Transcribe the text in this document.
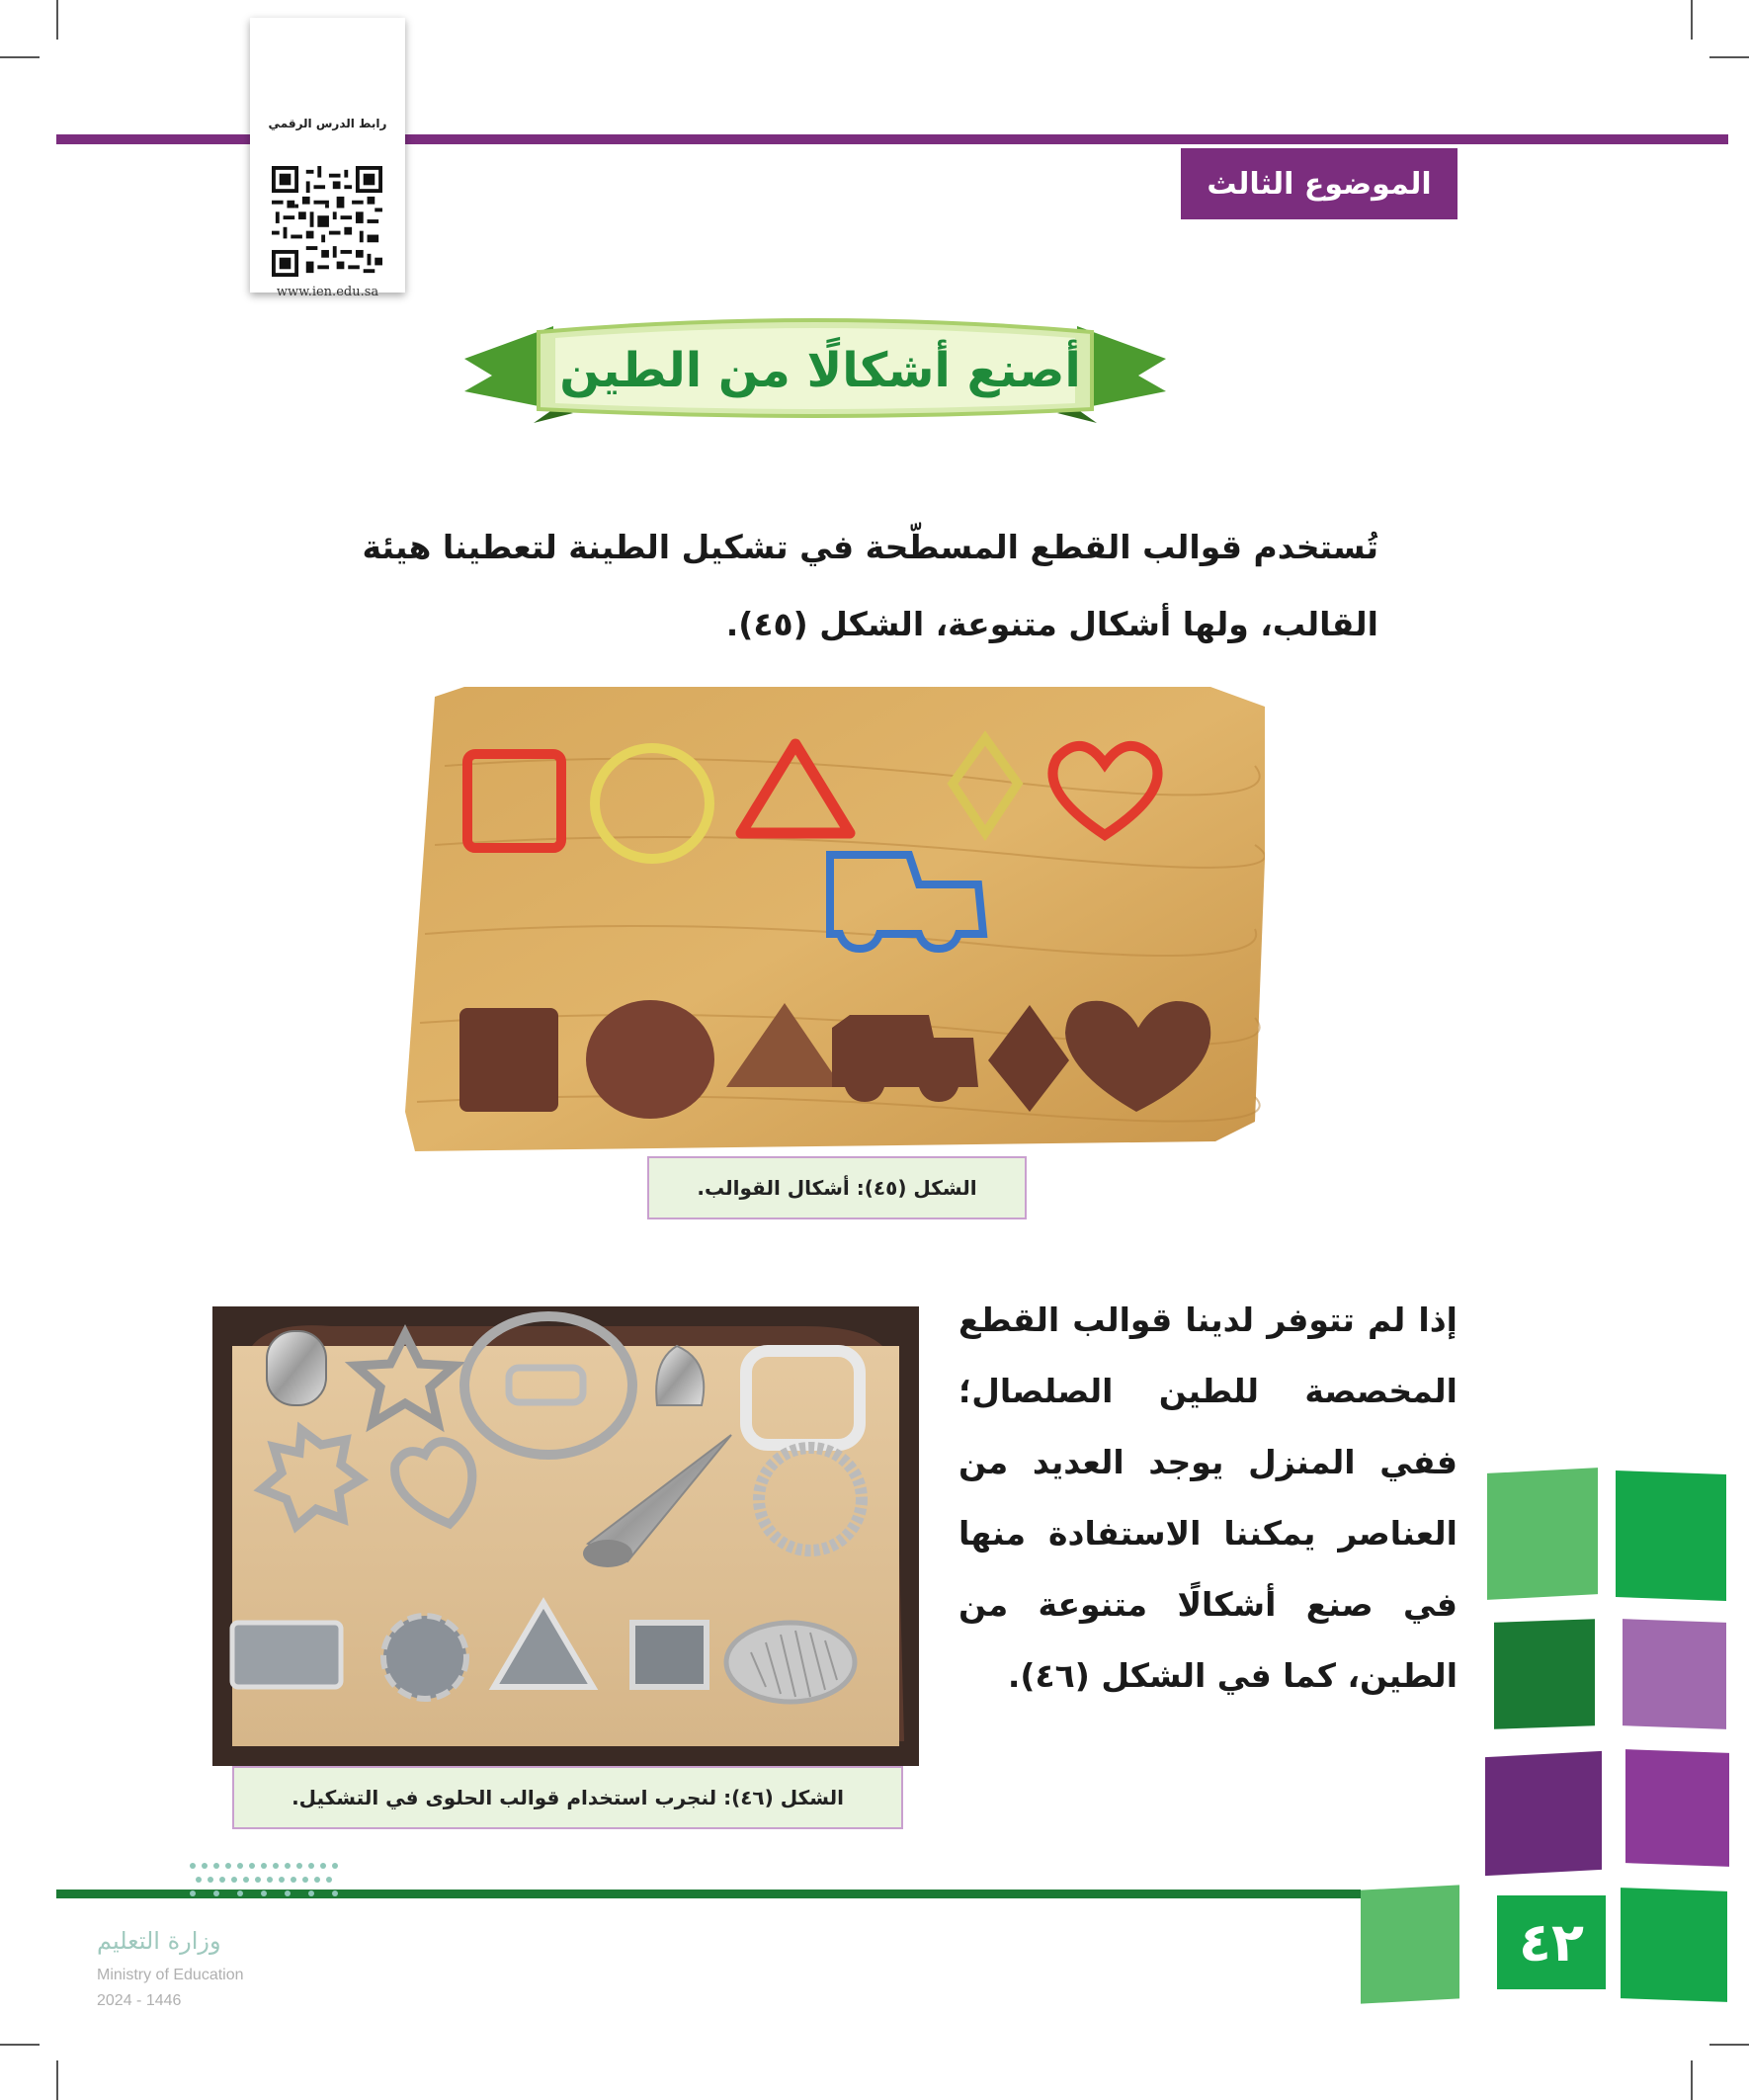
الموضوع الثالث
رابط الدرس الرقمي
www.ien.edu.sa
أصنع أشكالًا من الطين
تُستخدم قوالب القطع المسطّحة في تشكيل الطينة لتعطينا هيئة القالب، ولها أشكال متنوعة، الشكل (٤٥).
الشكل (٤٥): أشكال القوالب.
إذا لم تتوفر لدينا قوالب القطع المخصصة للطين الصلصال؛ ففي المنزل يوجد العديد من العناصر يمكننا الاستفادة منها في صنع أشكالًا متنوعة من الطين، كما في الشكل (٤٦).
الشكل (٤٦): لنجرب استخدام قوالب الحلوى في التشكيل.
٤٢
وزارة التعليم
Ministry of Education
2024 - 1446
